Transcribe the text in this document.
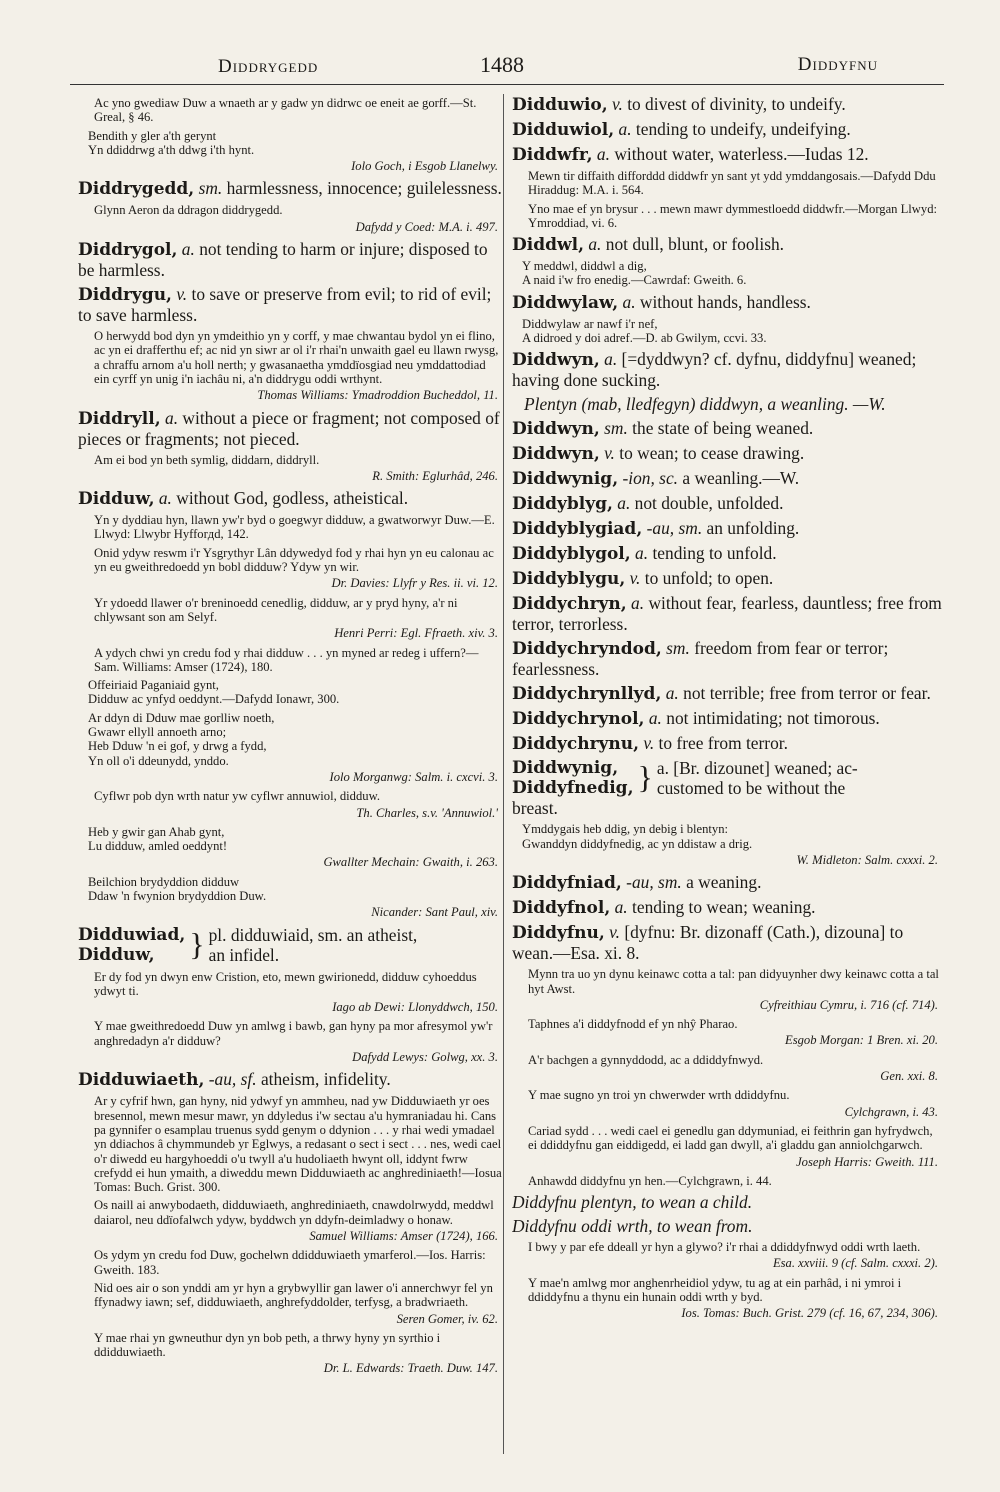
Diddrygedd	1488	Diddyfnu
Ac yno gwediaw Duw a wnaeth ar y gadw yn didrwc oe eneit ae gorff.—St. Greal, § 46.
Bendith y gler a'th gerynt
Yn ddiddrwg a'th ddwg i'th hynt.
Iolo Goch, i Esgob Llanelwy.
Diddrygedd, sm. harmlessness, innocence; guilelessness.
Glynn Aeron da ddragon diddrygedd.
Dafydd y Coed: M.A. i. 497.
Diddrygol, a. not tending to harm or injure; disposed to be harmless.
Diddrygu, v. to save or preserve from evil; to rid of evil; to save harmless.
O herwydd bod dyn yn ymdeithio yn y corff, y mae chwantau bydol yn ei flino, ac yn ei drafferthu ef; ac nid yn siwr ar ol i'r rhai'n unwaith gael eu llawn rwysg, a chraffu arnom a'u holl nerth; y gwasanaetha ymddïosgiad neu ymddattodiad ein cyrff yn unig i'n iachâu ni, a'n diddrygu oddi wrthynt.
Thomas Williams: Ymadroddion Bucheddol, 11.
Diddryll, a. without a piece or fragment; not composed of pieces or fragments; not pieced.
Am ei bod yn beth symlig, diddarn, diddryll.
R. Smith: Eglurhâd, 246.
Didduw, a. without God, godless, atheistical.
Yn y dyddiau hyn, llawn yw'r byd o goegwyr didduw, a gwatworwyr Duw.—E. Llwyd: Llwybr Hyfforдd, 142.
Onid ydyw reswm i'r Ysgrythyr Lân ddywedyd fod y rhai hyn yn eu calonau ac yn eu gweithredoedd yn bobl didduw? Ydyw yn wir.
Dr. Davies: Llyfr y Res. ii. vi. 12.
Yr ydoedd llawer o'r breninoedd cenedlig, didduw, ar y pryd hyny, a'r ni chlywsant son am Selyf.
Henri Perri: Egl. Ffraeth. xiv. 3.
A ydych chwi yn credu fod y rhai didduw . . . yn myned ar redeg i uffern?—Sam. Williams: Amser (1724), 180.
Offeiriaid Paganiaid gynt,
Didduw ac ynfyd oeddynt.—Dafydd Ionawr, 300.
Ar ddyn di Dduw mae gorlliw noeth,
Gwawr ellyll annoeth arno;
Heb Dduw 'n ei gof, y drwg a fydd,
Yn oll o'i ddeunydd, ynddo.
Iolo Morganwg: Salm. i. cxcvi. 3.
Cyflwr pob dyn wrth natur yw cyflwr annuwiol, didduw.
Th. Charles, s.v. 'Annuwiol.'
Heb y gwir gan Ahab gynt,
Lu didduw, amled oeddynt!
Gwallter Mechain: Gwaith, i. 263.
Beilchion brydyddion didduw
Ddaw 'n fwynion brydyddion Duw.
Nicander: Sant Paul, xiv.
Didduwiad,
Didduw,	} pl. didduwiaid, sm. an atheist,
an infidel.
Er dy fod yn dwyn enw Cristion, eto, mewn gwirionedd, didduw cyhoeddus ydwyt ti.
Iago ab Dewi: Llonyddwch, 150.
Y mae gweithredoedd Duw yn amlwg i bawb, gan hyny pa mor afresymol yw'r anghredadyn a'r didduw?
Dafydd Lewys: Golwg, xx. 3.
Didduwiaeth, -au, sf. atheism, infidelity.
Ar y cyfrif hwn, gan hyny, nid ydwyf yn ammheu, nad yw Didduwiaeth yr oes bresennol, mewn mesur mawr, yn ddyledus i'w sectau a'u hymraniadau hi. Cans pa gynnifer o esamplau truenus sydd genym o ddynion . . . y rhai wedi ymadael yn ddiachos â chymmundeb yr Eglwys, a redasant o sect i sect . . . nes, wedi cael o'r diwedd eu hargyhoeddi o'u twyll a'u hudoliaeth hwynt oll, iddynt fwrw crefydd ei hun ymaith, a diweddu mewn Didduwiaeth ac anghrediniaeth!—Iosua Tomas: Buch. Grist. 300.
Os naill ai anwybodaeth, didduwiaeth, anghrediniaeth, cnawdolrwydd, meddwl daiarol, neu ddïofalwch ydyw, byddwch yn ddyfn-deimladwy o honaw.
Samuel Williams: Amser (1724), 166.
Os ydym yn credu fod Duw, gochelwn ddidduwiaeth ymarferol.—Ios. Harris: Gweith. 183.
Nid oes air o son ynddi am yr hyn a grybwyllir gan lawer o'i annerchwyr fel yn ffynadwy iawn; sef, didduwiaeth, anghrefyddolder, terfysg, a bradwriaeth.
Seren Gomer, iv. 62.
Y mae rhai yn gwneuthur dyn yn bob peth, a thrwy hyny yn syrthio i ddidduwiaeth.
Dr. L. Edwards: Traeth. Duw. 147.
Didduwio, v. to divest of divinity, to undeify.
Didduwiol, a. tending to undeify, undeifying.
Diddwfr, a. without water, waterless.—Iudas 12.
Mewn tir diffaith difforddd diddwfr yn sant yt ydd ymddangosais.—Dafydd Ddu Hiraddug: M.A. i. 564.
Yno mae ef yn brysur . . . mewn mawr dymmestloedd diddwfr.—Morgan Llwyd: Ymroddiad, vi. 6.
Diddwl, a. not dull, blunt, or foolish.
Y meddwl, diddwl a dig,
A naid i'w fro enedig.—Cawrdaf: Gweith. 6.
Diddwylaw, a. without hands, handless.
Diddwylaw ar nawf i'r nef,
A didroed y doi adref.—D. ab Gwilym, ccvi. 33.
Diddwyn, a. [=dyddwyn? cf. dyfnu, diddyfnu] weaned; having done sucking.
Plentyn (mab, lledfegyn) diddwyn, a weanling. —W.
Diddwyn, sm. the state of being weaned.
Diddwyn, v. to wean; to cease drawing.
Diddwynig, -ion, sc. a weanling.—W.
Diddyblyg, a. not double, unfolded.
Diddyblygiad, -au, sm. an unfolding.
Diddyblygol, a. tending to unfold.
Diddyblygu, v. to unfold; to open.
Diddychryn, a. without fear, fearless, dauntless; free from terror, terrorless.
Diddychryndod, sm. freedom from fear or terror; fearlessness.
Diddychrynllyd, a. not terrible; free from terror or fear.
Diddychrynol, a. not intimidating; not timorous.
Diddychrynu, v. to free from terror.
Diddwynig,
Diddyfnedig, } a. [Br. dizounet] weaned; ac-
customed to be without the
breast.
Ymddygais heb ddig, yn debig i blentyn:
Gwanddyn diddyfnedig, ac yn ddistaw a drig.
W. Midleton: Salm. cxxxi. 2.
Diddyfniad, -au, sm. a weaning.
Diddyfnol, a. tending to wean; weaning.
Diddyfnu, v. [dyfnu: Br. dizonaff (Cath.), dizouna] to wean.—Esa. xi. 8.
Mynn tra uo yn dynu keinawc cotta a tal: pan didyuynher dwy keinawc cotta a tal hyt Awst.
Cyfreithiau Cymru, i. 716 (cf. 714).
Taphnes a'i diddyfnodd ef yn nhŷ Pharao.
Esgob Morgan: 1 Bren. xi. 20.
A'r bachgen a gynnyddodd, ac a ddiddyfnwyd.
Gen. xxi. 8.
Y mae sugno yn troi yn chwerwder wrth ddiddyfnu.
Cylchgrawn, i. 43.
Cariad sydd . . . wedi cael ei genedlu gan ddymuniad, ei feithrin gan hyfrydwch, ei ddiddyfnu gan eiddigedd, ei ladd gan dwyll, a'i gladdu gan anniolchgarwch.
Joseph Harris: Gweith. 111.
Anhawdd diddyfnu yn hen.—Cylchgrawn, i. 44.
Diddyfnu plentyn, to wean a child.
Diddyfnu oddi wrth, to wean from.
I bwy y par efe ddeall yr hyn a glywo? i'r rhai a ddiddyfnwyd oddi wrth laeth.
Esa. xxviii. 9 (cf. Salm. cxxxi. 2).
Y mae'n amlwg mor anghenrheidiol ydyw, tu ag at ein parhâd, i ni ymroi i ddiddyfnu a thynu ein hunain oddi wrth y byd.
Ios. Tomas: Buch. Grist. 279 (cf. 16, 67, 234, 306).
